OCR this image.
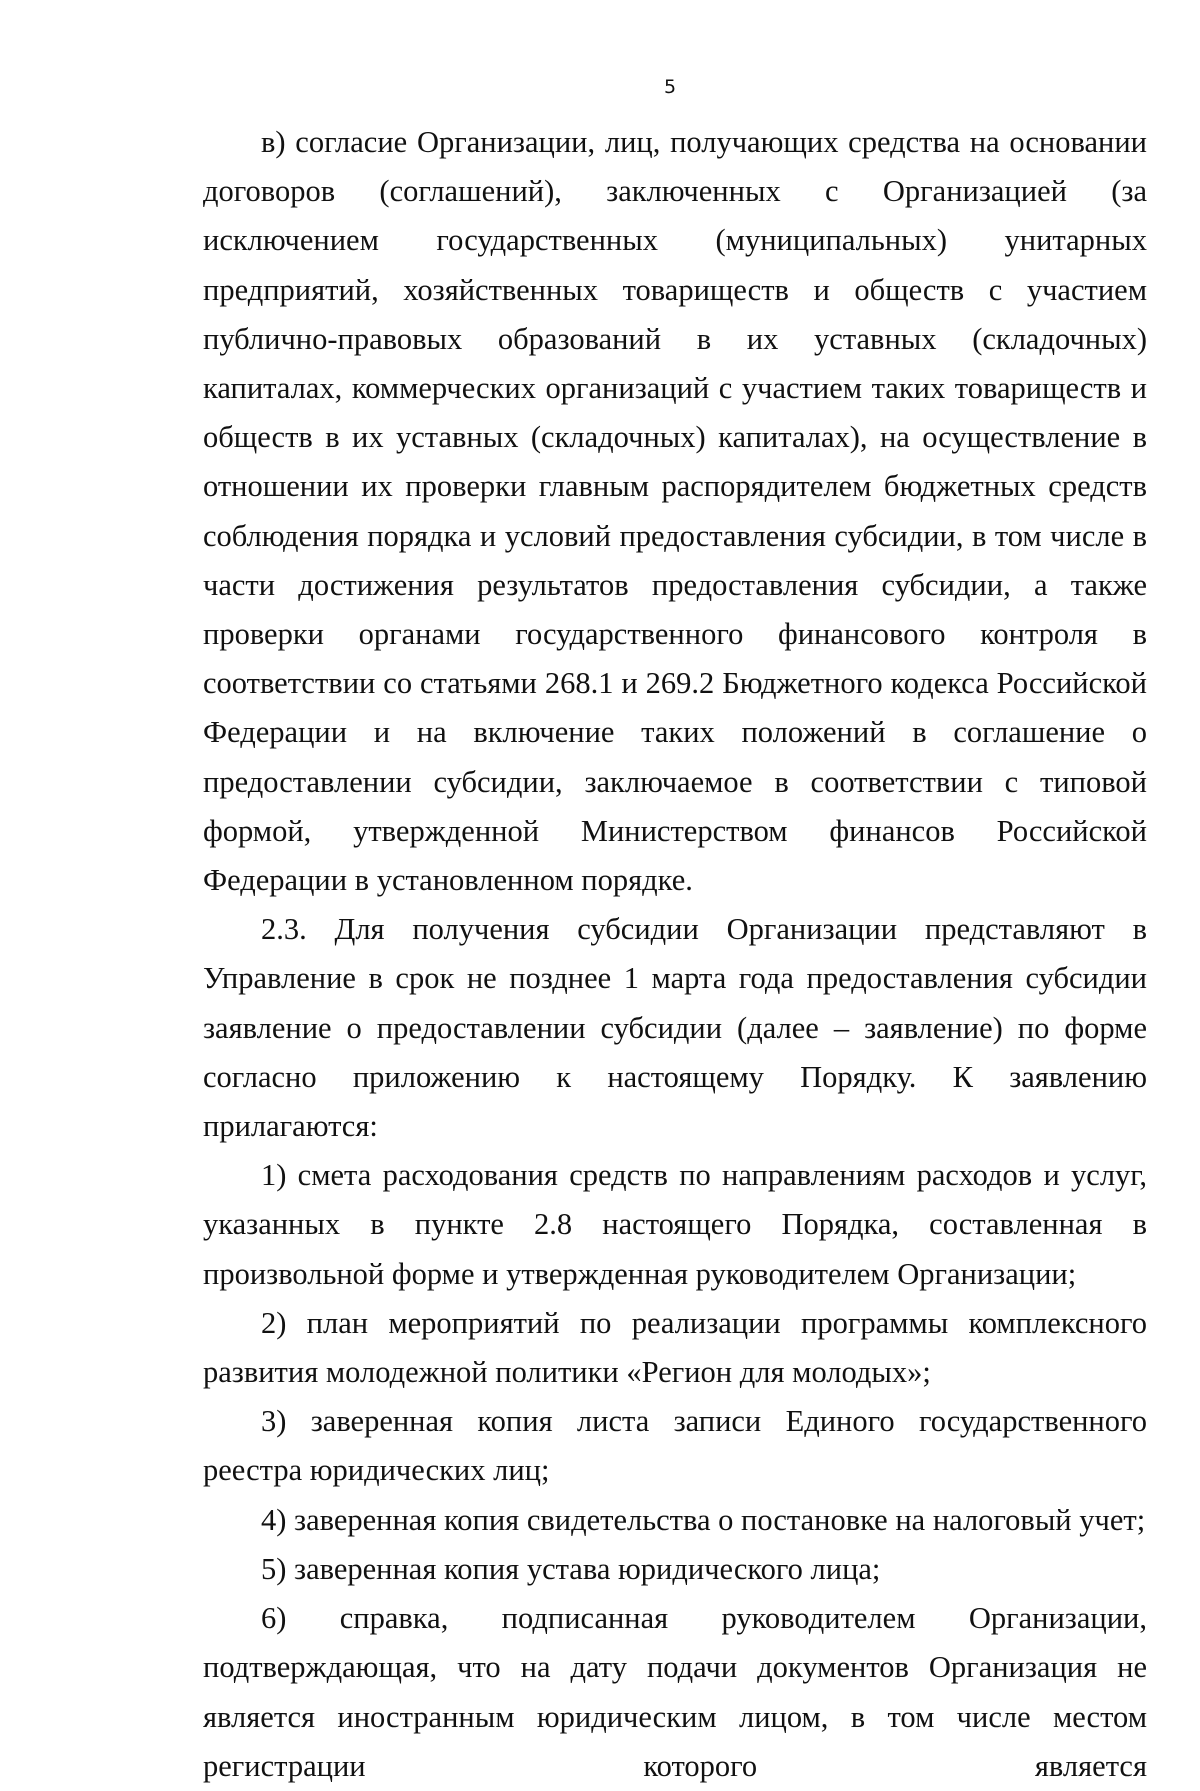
5

в) согласие Организации, лиц, получающих средства на основании договоров (соглашений), заключенных с Организацией (за исключением государственных (муниципальных) унитарных предприятий, хозяйственных товариществ и обществ с участием публично-правовых образований в их уставных (складочных) капиталах, коммерческих организаций с участием таких товариществ и обществ в их уставных (складочных) капиталах), на осуществление в отношении их проверки главным распорядителем бюджетных средств соблюдения порядка и условий предоставления субсидии, в том числе в части достижения результатов предоставления субсидии, а также проверки органами государственного финансового контроля в соответствии со статьями 268.1 и 269.2 Бюджетного кодекса Российской Федерации и на включение таких положений в соглашение о предоставлении субсидии, заключаемое в соответствии с типовой формой, утвержденной Министерством финансов Российской Федерации в установленном порядке.

2.3. Для получения субсидии Организации представляют в Управление в срок не позднее 1 марта года предоставления субсидии заявление о предоставлении субсидии (далее – заявление) по форме согласно приложению к настоящему Порядку. К заявлению прилагаются:

1) смета расходования средств по направлениям расходов и услуг, указанных в пункте 2.8 настоящего Порядка, составленная в произвольной форме и утвержденная руководителем Организации;

2) план мероприятий по реализации программы комплексного развития молодежной политики «Регион для молодых»;

3) заверенная копия листа записи Единого государственного реестра юридических лиц;

4) заверенная копия свидетельства о постановке на налоговый учет;

5) заверенная копия устава юридического лица;

6) справка, подписанная руководителем Организации, подтверждающая, что на дату подачи документов Организация не является иностранным юридическим лицом, в том числе местом регистрации которого является
